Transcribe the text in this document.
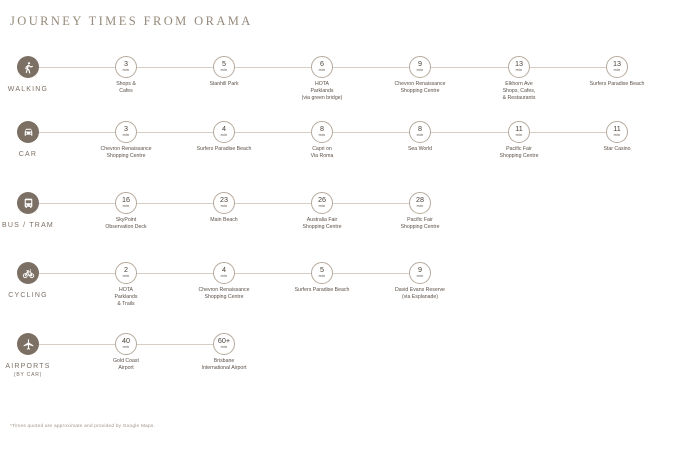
JOURNEY TIMES FROM ORAMA
WALKING
3
min
Shops &
Cafes
5
min
Stanhill Park
6
min
HOTA
Parklands
(via green bridge)
9
min
Chevron Renaissance
Shopping Centre
13
min
Elkhorn Ave
Shops, Cafes,
& Restaurants
13
min
Surfers Paradise Beach
CAR
3
min
Chevron Renaissance
Shopping Centre
4
min
Surfers Paradise Beach
8
min
Capri on
Via Roma
8
min
Sea World
11
min
Pacific Fair
Shopping Centre
11
min
Star Casino
BUS / TRAM
16
min
SkyPoint
Observation Deck
23
min
Main Beach
26
min
Australia Fair
Shopping Centre
28
min
Pacific Fair
Shopping Centre
CYCLING
2
min
HOTA
Parklands
& Trails
4
min
Chevron Renaissance
Shopping Centre
5
min
Surfers Paradise Beach
9
min
David Evans Reserve
(via Esplanade)
AIRPORTS
(BY CAR)
40
min
Gold Coast
Airport
60+
min
Brisbane
International Airport
*Times quoted are approximate and provided by Google Maps.
